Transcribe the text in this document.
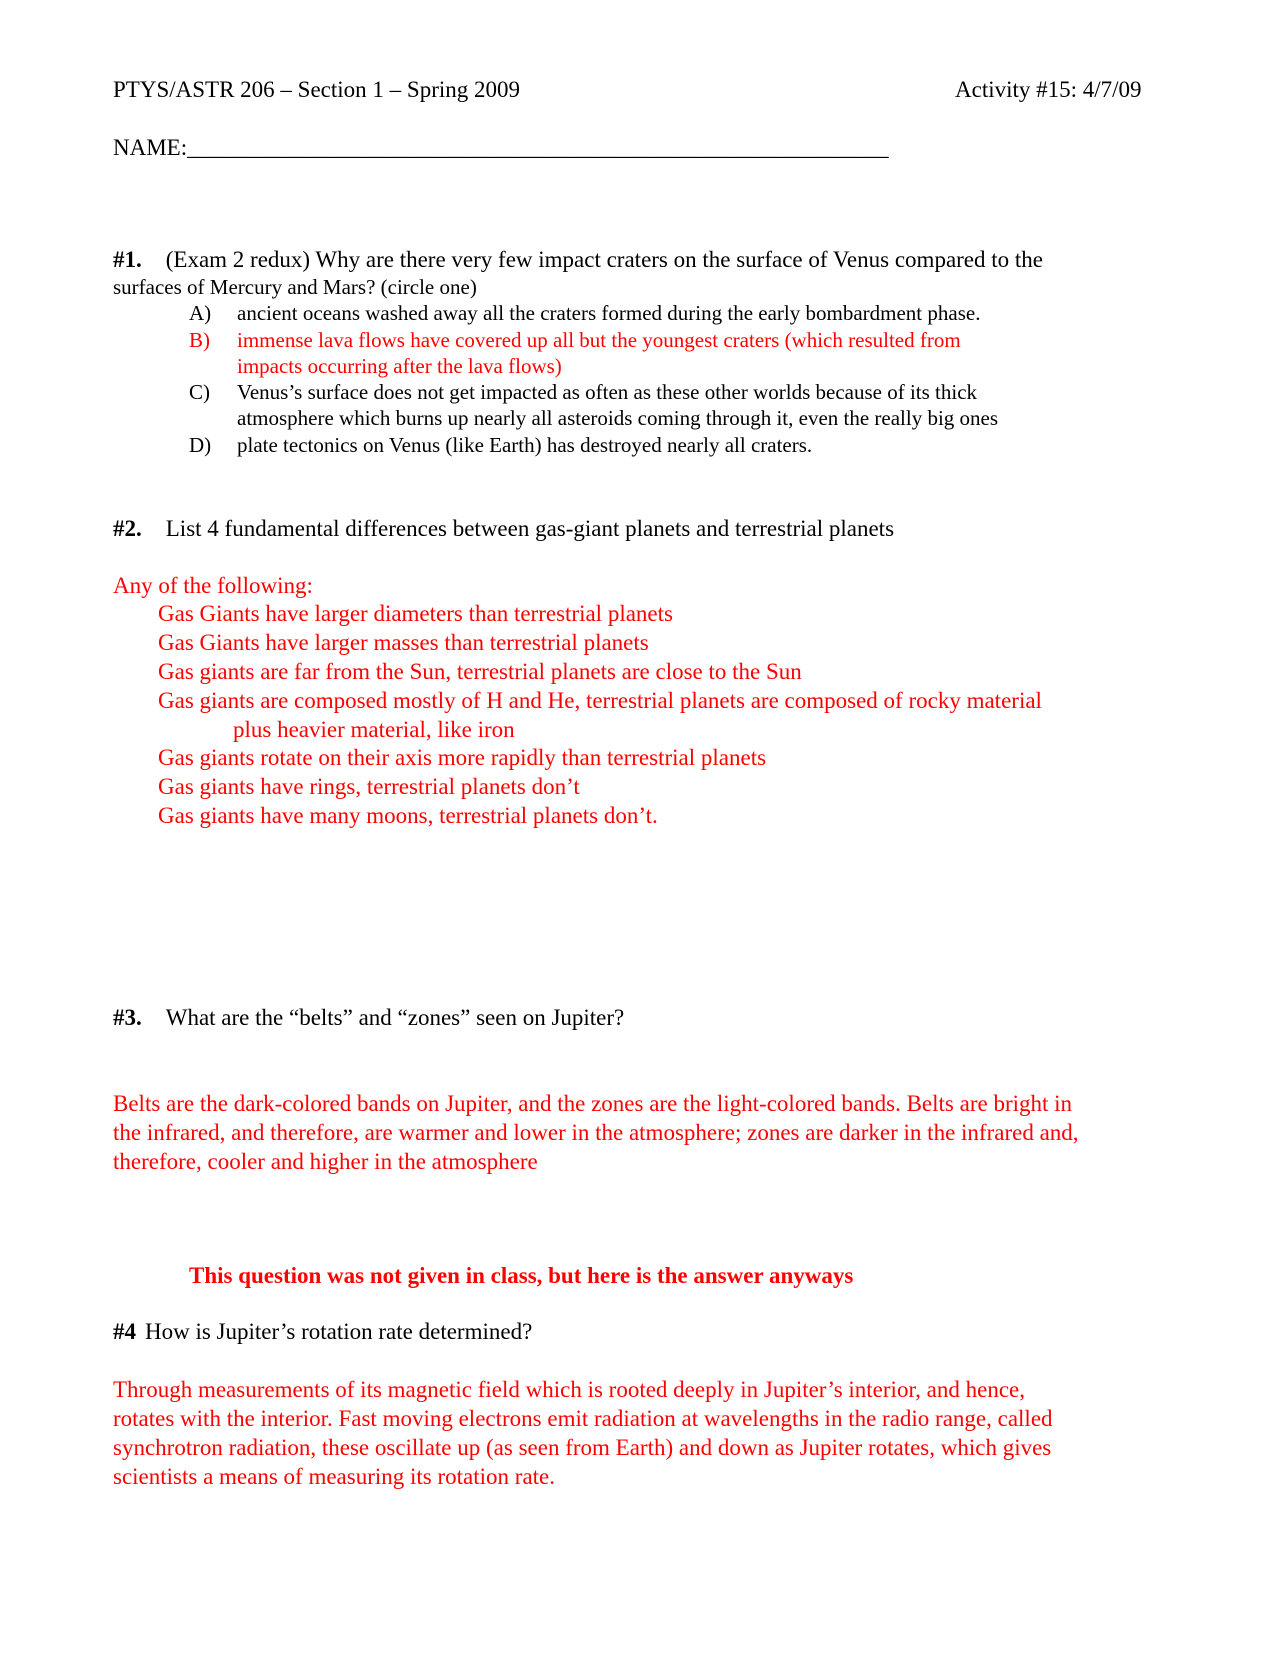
PTYS/ASTR 206 – Section 1 – Spring 2009	Activity #15: 4/7/09
NAME:_____________________________________________________________
#1. (Exam 2 redux) Why are there very few impact craters on the surface of Venus compared to the
surfaces of Mercury and Mars? (circle one)
A) ancient oceans washed away all the craters formed during the early bombardment phase.
B) immense lava flows have covered up all but the youngest craters (which resulted from
impacts occurring after the lava flows)
C) Venus’s surface does not get impacted as often as these other worlds because of its thick
atmosphere which burns up nearly all asteroids coming through it, even the really big ones
D) plate tectonics on Venus (like Earth) has destroyed nearly all craters.
#2. List 4 fundamental differences between gas-giant planets and terrestrial planets
Any of the following:
Gas Giants have larger diameters than terrestrial planets
Gas Giants have larger masses than terrestrial planets
Gas giants are far from the Sun, terrestrial planets are close to the Sun
Gas giants are composed mostly of H and He, terrestrial planets are composed of rocky material
plus heavier material, like iron
Gas giants rotate on their axis more rapidly than terrestrial planets
Gas giants have rings, terrestrial planets don’t
Gas giants have many moons, terrestrial planets don’t.
#3. What are the “belts” and “zones” seen on Jupiter?
Belts are the dark-colored bands on Jupiter, and the zones are the light-colored bands. Belts are bright in
the infrared, and therefore, are warmer and lower in the atmosphere; zones are darker in the infrared and,
therefore, cooler and higher in the atmosphere
This question was not given in class, but here is the answer anyways
#4 How is Jupiter’s rotation rate determined?
Through measurements of its magnetic field which is rooted deeply in Jupiter’s interior, and hence,
rotates with the interior. Fast moving electrons emit radiation at wavelengths in the radio range, called
synchrotron radiation, these oscillate up (as seen from Earth) and down as Jupiter rotates, which gives
scientists a means of measuring its rotation rate.
